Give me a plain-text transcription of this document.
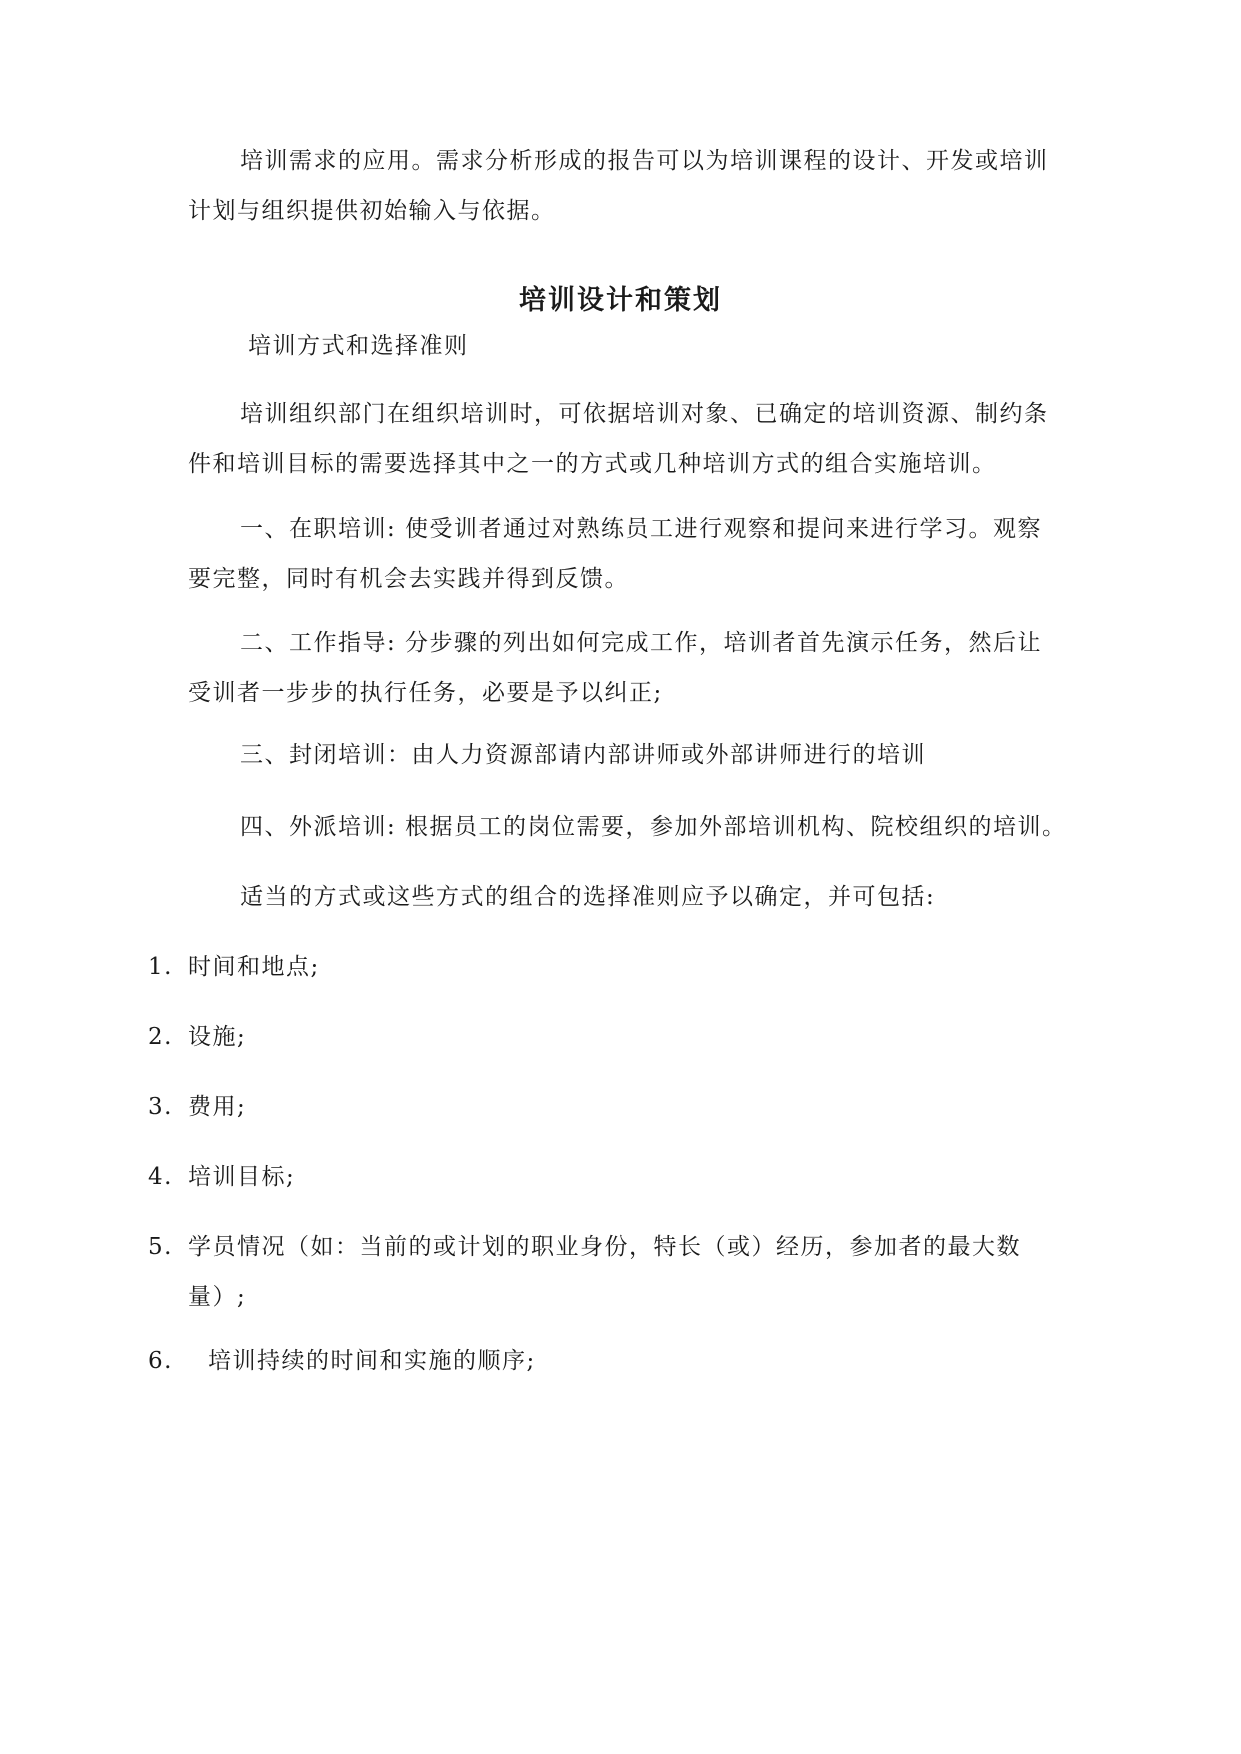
培训需求的应用。需求分析形成的报告可以为培训课程的设计、开发或培训
计划与组织提供初始输入与依据。

培训设计和策划

培训方式和选择准则

培训组织部门在组织培训时，可依据培训对象、已确定的培训资源、制约条
件和培训目标的需要选择其中之一的方式或几种培训方式的组合实施培训。

一、在职培训: 使受训者通过对熟练员工进行观察和提问来进行学习。观察
要完整，同时有机会去实践并得到反馈。

二、工作指导: 分步骤的列出如何完成工作，培训者首先演示任务，然后让
受训者一步步的执行任务，必要是予以纠正;

三、封闭培训：由人力资源部请内部讲师或外部讲师进行的培训

四、外派培训: 根据员工的岗位需要，参加外部培训机构、院校组织的培训。

适当的方式或这些方式的组合的选择准则应予以确定，并可包括:

1. 时间和地点;

2. 设施;

3. 费用;

4. 培训目标;

5. 学员情况（如：当前的或计划的职业身份，特长（或）经历，参加者的最大数
量）;

6. 培训持续的时间和实施的顺序;
